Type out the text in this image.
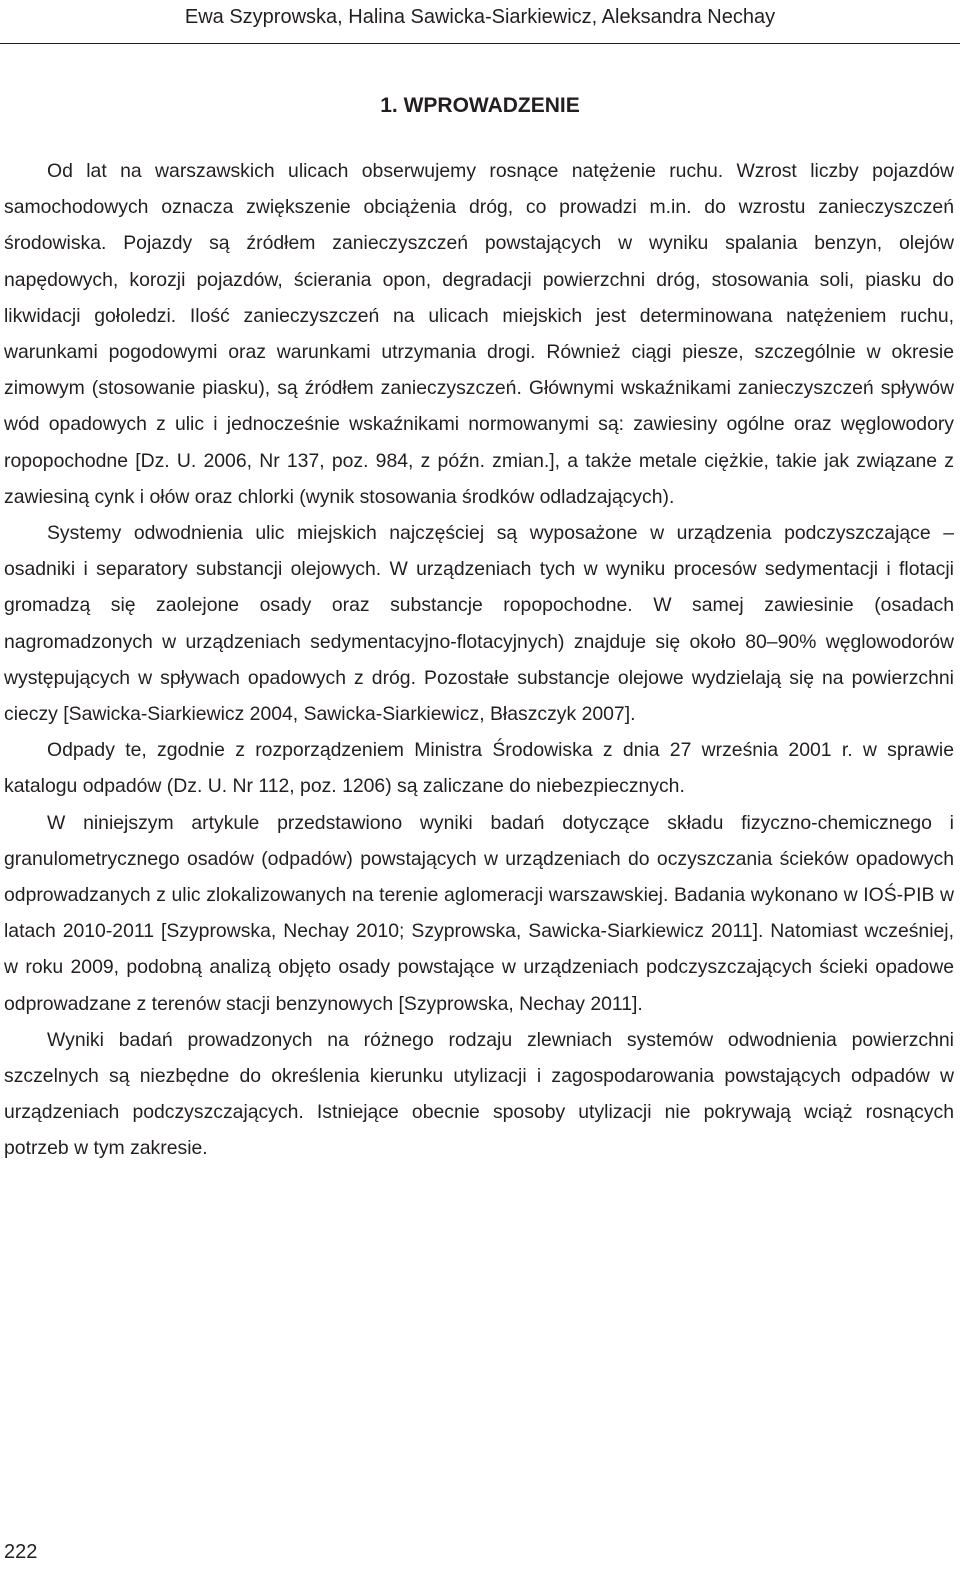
Ewa Szyprowska, Halina Sawicka-Siarkiewicz, Aleksandra Nechay
1. WPROWADZENIE

Od lat na warszawskich ulicach obserwujemy rosnące natężenie ruchu. Wzrost liczby pojazdów samochodowych oznacza zwiększenie obciążenia dróg, co prowadzi m.in. do wzrostu zanieczyszczeń środowiska. Pojazdy są źródłem zanieczyszczeń powstających w wyniku spalania benzyn, olejów napędowych, korozji pojazdów, ścierania opon, degradacji powierzchni dróg, stosowania soli, piasku do likwidacji gołoledzi. Ilość zanieczyszczeń na ulicach miejskich jest determinowana natężeniem ruchu, warunkami pogodowymi oraz warunkami utrzymania drogi. Również ciągi piesze, szczególnie w okresie zimowym (stosowanie piasku), są źródłem zanieczyszczeń. Głównymi wskaźnikami zanieczyszczeń spływów wód opadowych z ulic i jednocześnie wskaźnikami normowanymi są: zawiesiny ogólne oraz węglowodory ropopochodne [Dz. U. 2006, Nr 137, poz. 984, z późn. zmian.], a także metale ciężkie, takie jak związane z zawiesiną cynk i ołów oraz chlorki (wynik stosowania środków odladzających).

Systemy odwodnienia ulic miejskich najczęściej są wyposażone w urządzenia podczyszczające – osadniki i separatory substancji olejowych. W urządzeniach tych w wyniku procesów sedymentacji i flotacji gromadzą się zaolejone osady oraz substancje ropopochodne. W samej zawiesinie (osadach nagromadzonych w urządzeniach sedymentacyjno-flotacyjnych) znajduje się około 80–90% węglowodorów występujących w spływach opadowych z dróg. Pozostałe substancje olejowe wydzielają się na powierzchni cieczy [Sawicka-Siarkiewicz 2004, Sawicka-Siarkiewicz, Błaszczyk 2007].

Odpady te, zgodnie z rozporządzeniem Ministra Środowiska z dnia 27 września 2001 r. w sprawie katalogu odpadów (Dz. U. Nr 112, poz. 1206) są zaliczane do niebezpiecznych.

W niniejszym artykule przedstawiono wyniki badań dotyczące składu fizyczno-chemicznego i granulometrycznego osadów (odpadów) powstających w urządzeniach do oczyszczania ścieków opadowych odprowadzanych z ulic zlokalizowanych na terenie aglomeracji warszawskiej. Badania wykonano w IOŚ-PIB w latach 2010-2011 [Szyprowska, Nechay 2010; Szyprowska, Sawicka-Siarkiewicz 2011]. Natomiast wcześniej, w roku 2009, podobną analizą objęto osady powstające w urządzeniach podczyszczających ścieki opadowe odprowadzane z terenów stacji benzynowych [Szyprowska, Nechay 2011].

Wyniki badań prowadzonych na różnego rodzaju zlewniach systemów odwodnienia powierzchni szczelnych są niezbędne do określenia kierunku utylizacji i zagospodarowania powstających odpadów w urządzeniach podczyszczających. Istniejące obecnie sposoby utylizacji nie pokrywają wciąż rosnących potrzeb w tym zakresie.

222
